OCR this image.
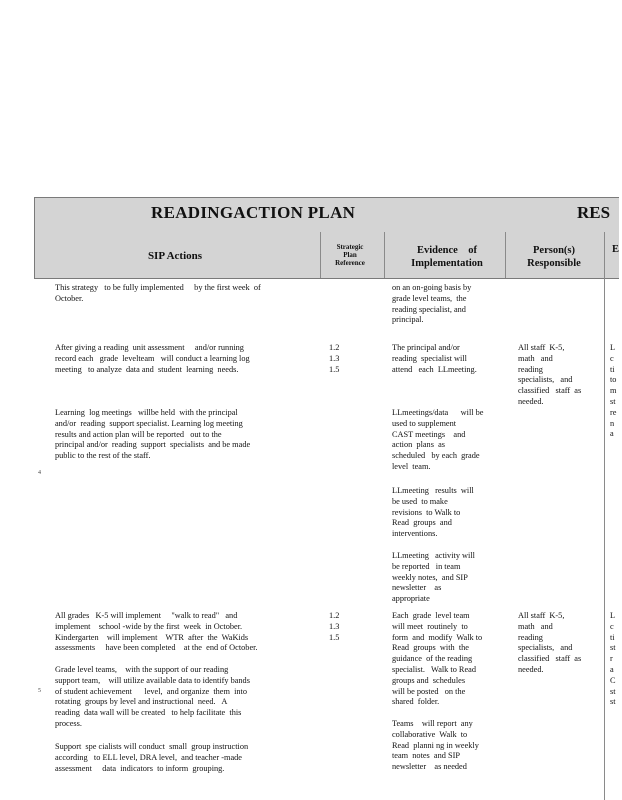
READINGACTION PLAN	RES
SIP Actions
Strategic
Plan
Reference
Evidence    of
Implementation
Person(s)
Responsible
E
This strategy   to be fully implemented     by the first week  of
October.
on an on-going basis by
grade level teams,  the
reading specialist, and
principal.
After giving a reading  unit assessment     and/or running
record each   grade  levelteam   will conduct a learning log
meeting   to analyze  data and  student  learning  needs.
1.2
1.3
1.5
The principal and/or
reading  specialist will
attend   each  LLmeeting.
All staff  K-5,
math   and
reading
specialists,   and
classified   staff  as
needed.
L
c
ti
to
m
st
re
n
a
Learning  log meetings   willbe held  with the principal
and/or  reading  support specialist. Learning log meeting
results and action plan will be reported   out to the
principal and/or  reading  support  specialists  and be made
public to the rest of the staff.
LLmeetings/data      will be
used to supplement
CAST meetings    and
action  plans  as
scheduled   by each  grade
level  team.
LLmeeting   results  will
be used  to make
revisions  to Walk to
Read  groups  and
interventions.
LLmeeting   activity will
be reported   in team
weekly notes,  and SIP
newsletter    as
appropriate
4
All grades   K-5 will implement     "walk to read"   and
implement    school -wide by the first  week  in October.
Kindergarten    will implement    WTR  after  the  WaKids
assessments     have been completed    at the  end of October.
1.2
1.3
1.5
Each  grade  level team
will meet  routinely  to
form  and  modify  Walk to
Read  groups  with  the
guidance  of the reading
specialist.   Walk to Read
groups and  schedules
will be posted   on the
shared  folder.
All staff  K-5,
math   and
reading
specialists,   and
classified   staff  as
needed.
L
c
ti
st
r
a
C
st
st
Grade level teams,    with the support of our reading
support team,    will utilize available data to identify bands
of student achievement      level,  and organize  them  into
rotating  groups by level and instructional  need.   A
reading  data wall will be created   to help facilitate  this
process.
5
Support  spe cialists will conduct  small  group instruction
according   to ELL level, DRA level,  and teacher -made
assessment     data  indicators  to inform  grouping.
Teams    will report  any
collaborative  Walk  to
Read  planni ng in weekly
team  notes  and SIP
newsletter    as needed
